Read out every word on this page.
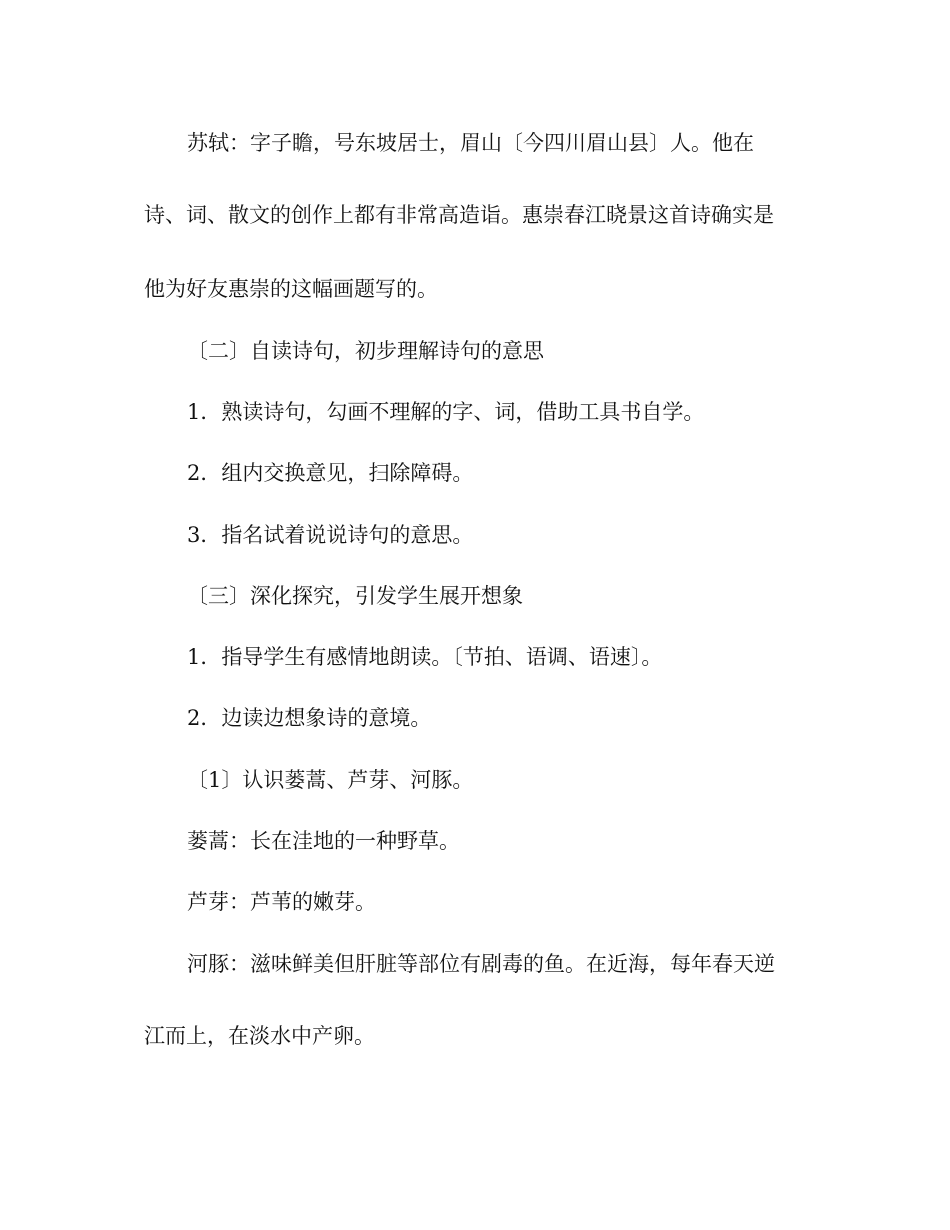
苏轼：字子瞻，号东坡居士，眉山〔今四川眉山县〕人。他在
诗、词、散文的创作上都有非常高造诣。惠崇春江晓景这首诗确实是
他为好友惠崇的这幅画题写的。
〔二〕自读诗句，初步理解诗句的意思
1．熟读诗句，勾画不理解的字、词，借助工具书自学。
2．组内交换意见，扫除障碍。
3．指名试着说说诗句的意思。
〔三〕深化探究，引发学生展开想象
1．指导学生有感情地朗读。〔节拍、语调、语速〕。
2．边读边想象诗的意境。
〔1〕认识蒌蒿、芦芽、河豚。
蒌蒿：长在洼地的一种野草。
芦芽：芦苇的嫩芽。
河豚：滋味鲜美但肝脏等部位有剧毒的鱼。在近海，每年春天逆
江而上，在淡水中产卵。
